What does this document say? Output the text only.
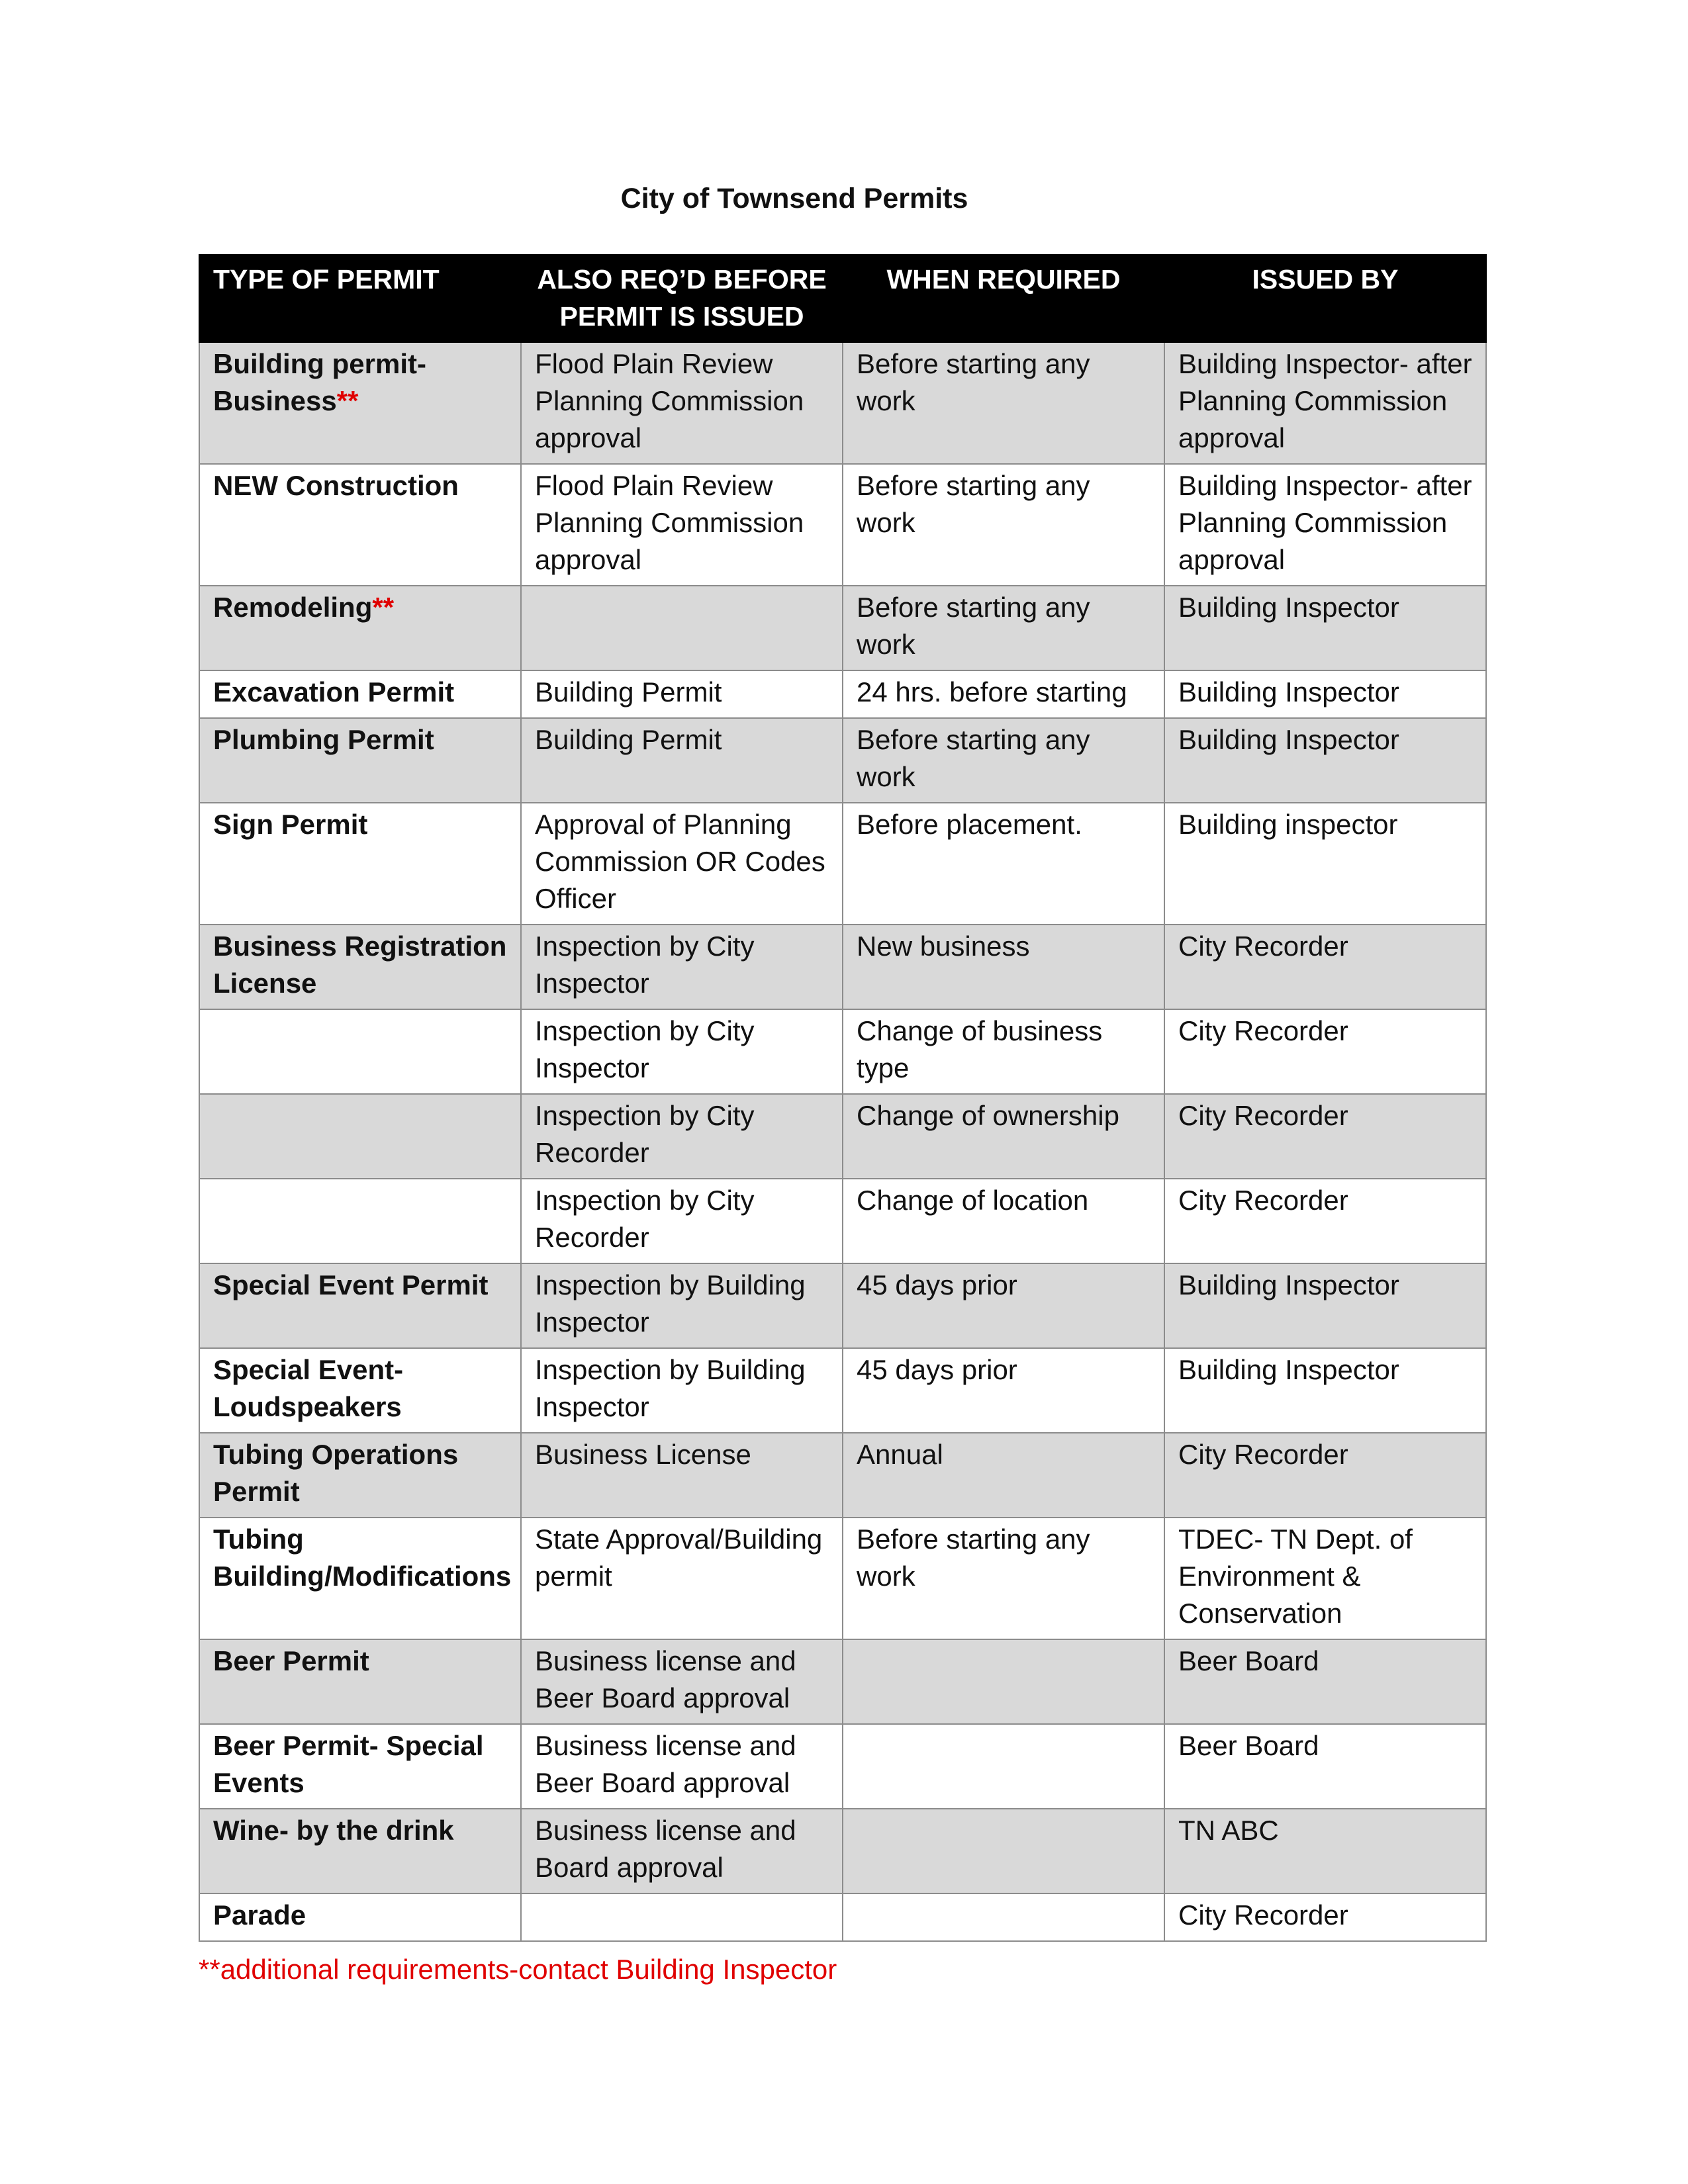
City of Townsend Permits
TYPE OF PERMIT	ALSO REQ’D BEFORE PERMIT IS ISSUED	WHEN REQUIRED	ISSUED BY
Building permit- Business**	Flood Plain Review Planning Commission approval	Before starting any work	Building Inspector- after Planning Commission approval
NEW Construction	Flood Plain Review Planning Commission approval	Before starting any work	Building Inspector- after Planning Commission approval
Remodeling**		Before starting any work	Building Inspector
Excavation Permit	Building Permit	24 hrs. before starting	Building Inspector
Plumbing Permit	Building Permit	Before starting any work	Building Inspector
Sign Permit	Approval of Planning Commission OR Codes Officer	Before placement.	Building inspector
Business Registration License	Inspection by City Inspector	New business	City Recorder
	Inspection by City Inspector	Change of business type	City Recorder
	Inspection by City Recorder	Change of ownership	City Recorder
	Inspection by City Recorder	Change of location	City Recorder
Special Event Permit	Inspection by Building Inspector	45 days prior	Building Inspector
Special Event- Loudspeakers	Inspection by Building Inspector	45 days prior	Building Inspector
Tubing Operations Permit	Business License	Annual	City Recorder
Tubing Building/Modifications	State Approval/Building permit	Before starting any work	TDEC- TN Dept. of Environment & Conservation
Beer Permit	Business license and Beer Board approval		Beer Board
Beer Permit- Special Events	Business license and Beer Board approval		Beer Board
Wine- by the drink	Business license and Board approval		TN ABC
Parade			City Recorder
**additional requirements-contact Building Inspector
